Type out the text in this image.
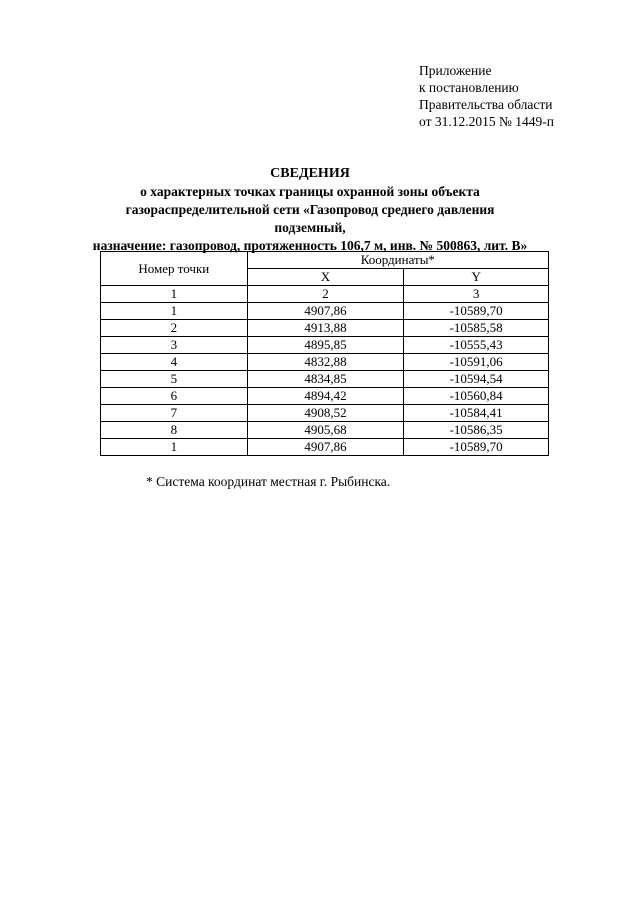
Приложение
к постановлению
Правительства области
от 31.12.2015 № 1449-п
СВЕДЕНИЯ
о характерных точках границы охранной зоны объекта
газораспределительной сети «Газопровод среднего давления подземный,
назначение: газопровод, протяженность 106,7 м, инв. № 500863, лит. В»
Номер точки	Координаты*	
	X	Y
1	2	3
1	4907,86	-10589,70
2	4913,88	-10585,58
3	4895,85	-10555,43
4	4832,88	-10591,06
5	4834,85	-10594,54
6	4894,42	-10560,84
7	4908,52	-10584,41
8	4905,68	-10586,35
1	4907,86	-10589,70
* Система координат местная г. Рыбинска.
